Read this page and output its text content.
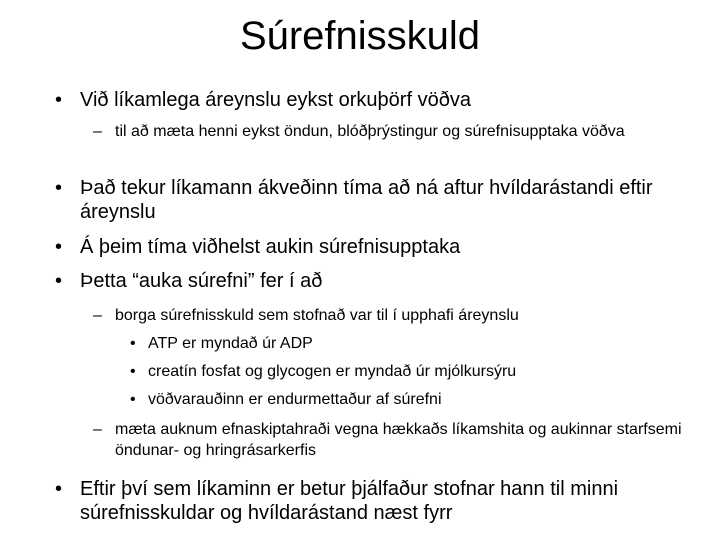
Súrefnisskuld
• Við líkamlega áreynslu eykst orkuþörf vöðva
– til að mæta henni eykst öndun, blóðþrýstingur og súrefnisupptaka vöðva
• Það tekur líkamann ákveðinn tíma að ná aftur hvíldarástandi eftir áreynslu
• Á þeim tíma viðhelst aukin súrefnisupptaka
• Þetta “auka súrefni” fer í að
– borga súrefnisskuld sem stofnað var til í upphafi áreynslu
• ATP er myndað úr ADP
• creatín fosfat og glycogen er myndað úr mjólkursýru
• vöðvarauðinn er endurmettaður af súrefni
– mæta auknum efnaskiptahraði vegna hækkaðs líkamshita og aukinnar starfsemi öndunar- og hringrásarkerfis
• Eftir því sem líkaminn er betur þjálfaður stofnar hann til minni súrefnisskuldar og hvíldarástand næst fyrr
